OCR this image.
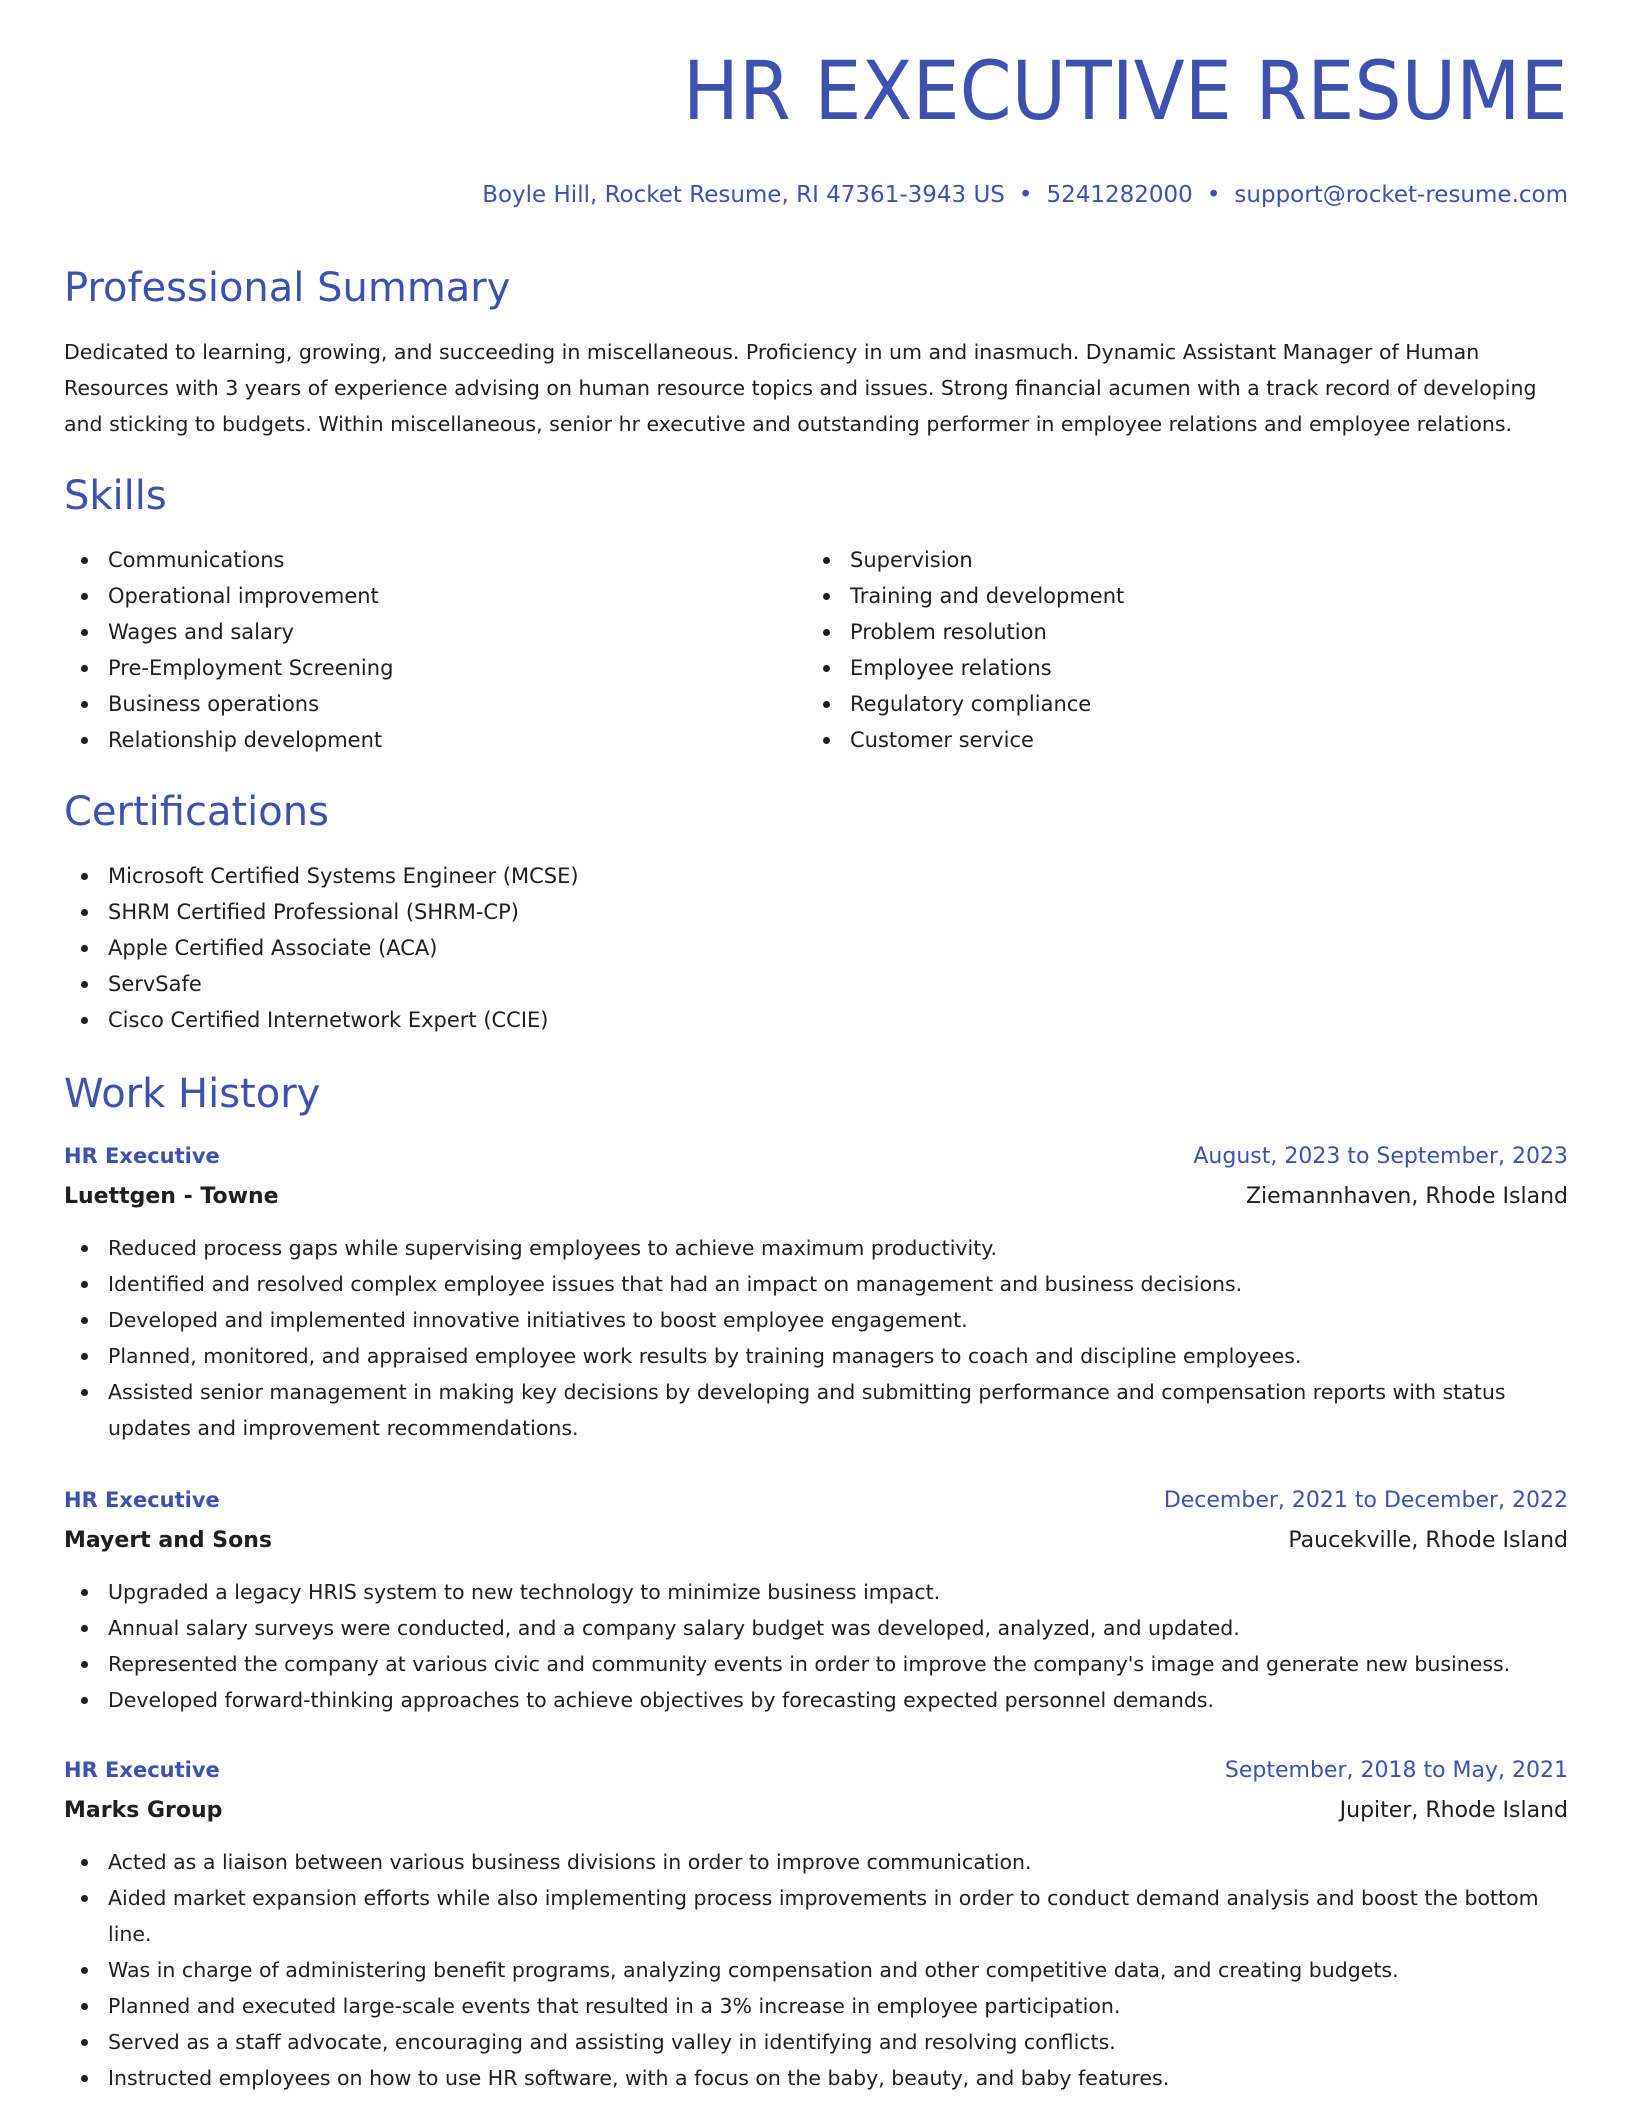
HR EXECUTIVE RESUME
Boyle Hill, Rocket Resume, RI 47361-3943 US • 5241282000 • support@rocket-resume.com
Professional Summary

Dedicated to learning, growing, and succeeding in miscellaneous. Proficiency in um and inasmuch. Dynamic Assistant Manager of Human Resources with 3 years of experience advising on human resource topics and issues. Strong financial acumen with a track record of developing and sticking to budgets. Within miscellaneous, senior hr executive and outstanding performer in employee relations and employee relations.

Skills
Communications
Operational improvement
Wages and salary
Pre-Employment Screening
Business operations
Relationship development
Supervision
Training and development
Problem resolution
Employee relations
Regulatory compliance
Customer service
Certifications
Microsoft Certified Systems Engineer (MCSE)
SHRM Certified Professional (SHRM-CP)
Apple Certified Associate (ACA)
ServSafe
Cisco Certified Internetwork Expert (CCIE)
Work History
HR Executive	August, 2023 to September, 2023
Luettgen - Towne	Ziemannhaven, Rhode Island
Reduced process gaps while supervising employees to achieve maximum productivity.
Identified and resolved complex employee issues that had an impact on management and business decisions.
Developed and implemented innovative initiatives to boost employee engagement.
Planned, monitored, and appraised employee work results by training managers to coach and discipline employees.
Assisted senior management in making key decisions by developing and submitting performance and compensation reports with status updates and improvement recommendations.
HR Executive	December, 2021 to December, 2022
Mayert and Sons	Paucekville, Rhode Island
Upgraded a legacy HRIS system to new technology to minimize business impact.
Annual salary surveys were conducted, and a company salary budget was developed, analyzed, and updated.
Represented the company at various civic and community events in order to improve the company's image and generate new business.
Developed forward-thinking approaches to achieve objectives by forecasting expected personnel demands.
HR Executive	September, 2018 to May, 2021
Marks Group	Jupiter, Rhode Island
Acted as a liaison between various business divisions in order to improve communication.
Aided market expansion efforts while also implementing process improvements in order to conduct demand analysis and boost the bottom line.
Was in charge of administering benefit programs, analyzing compensation and other competitive data, and creating budgets.
Planned and executed large-scale events that resulted in a 3% increase in employee participation.
Served as a staff advocate, encouraging and assisting valley in identifying and resolving conflicts.
Instructed employees on how to use HR software, with a focus on the baby, beauty, and baby features.
